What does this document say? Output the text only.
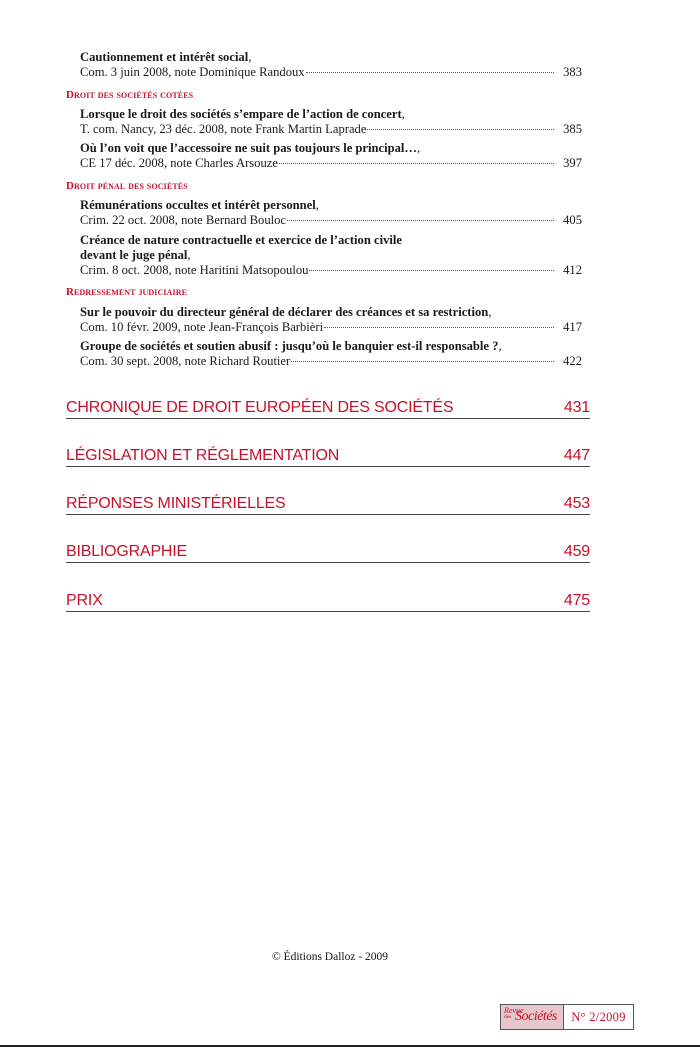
Cautionnement et intérêt social,
Com. 3 juin 2008, note Dominique Randoux	383
Droit des sociétés cotées
Lorsque le droit des sociétés s’empare de l’action de concert,
T. com. Nancy, 23 déc. 2008, note Frank Martin Laprade	385
Où l’on voit que l’accessoire ne suit pas toujours le principal…,
CE 17 déc. 2008, note Charles Arsouze	397
Droit pénal des sociétés
Rémunérations occultes et intérêt personnel,
Crim. 22 oct. 2008, note Bernard Bouloc	405
Créance de nature contractuelle et exercice de l’action civile
devant le juge pénal,
Crim. 8 oct. 2008, note Haritini Matsopoulou	412
Redressement judiciaire
Sur le pouvoir du directeur général de déclarer des créances et sa restriction,
Com. 10 févr. 2009, note Jean-François Barbièri	417
Groupe de sociétés et soutien abusif : jusqu’où le banquier est-il responsable ?,
Com. 30 sept. 2008, note Richard Routier	422
CHRONIQUE DE DROIT EUROPÉEN DES SOCIÉTÉS	431
LÉGISLATION ET RÉGLEMENTATION	447
RÉPONSES MINISTÉRIELLES	453
BIBLIOGRAPHIE	459
PRIX	475
© Éditions Dalloz - 2009
Revue
des Sociétés	N° 2/2009
